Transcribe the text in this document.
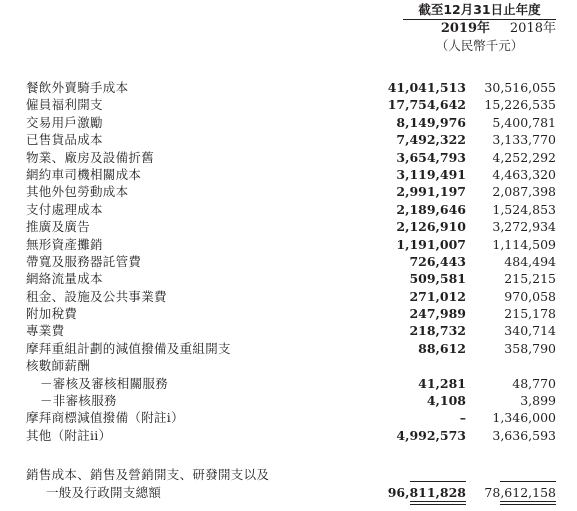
截至12月31日止年度
2019年	2018年
（人民幣千元）
餐飲外賣騎手成本	41,041,513 30,516,055
僱員福利開支	17,754,642 15,226,535
交易用戶激勵	8,149,976 5,400,781
已售貨品成本	7,492,322 3,133,770
物業、廠房及設備折舊	3,654,793 4,252,292
網約車司機相關成本	3,119,491 4,463,320
其他外包勞動成本	2,991,197 2,087,398
支付處理成本	2,189,646 1,524,853
推廣及廣告	2,126,910 3,272,934
無形資產攤銷	1,191,007 1,114,509
帶寬及服務器託管費	726,443	484,494
網絡流量成本	509,581	215,215
租金、設施及公共事業費	271,012	970,058
附加稅費	247,989	215,178
專業費	218,732	340,714
摩拜重組計劃的減值撥備及重組開支	88,612	358,790
核數師薪酬
－審核及審核相關服務	41,281	48,770
－非審核服務	4,108	3,899
摩拜商標減值撥備（附註i）	– 1,346,000
其他（附註ii）	4,992,573 3,636,593
銷售成本、銷售及營銷開支、研發開支以及
一般及行政開支總額	96,811,828 78,612,158
